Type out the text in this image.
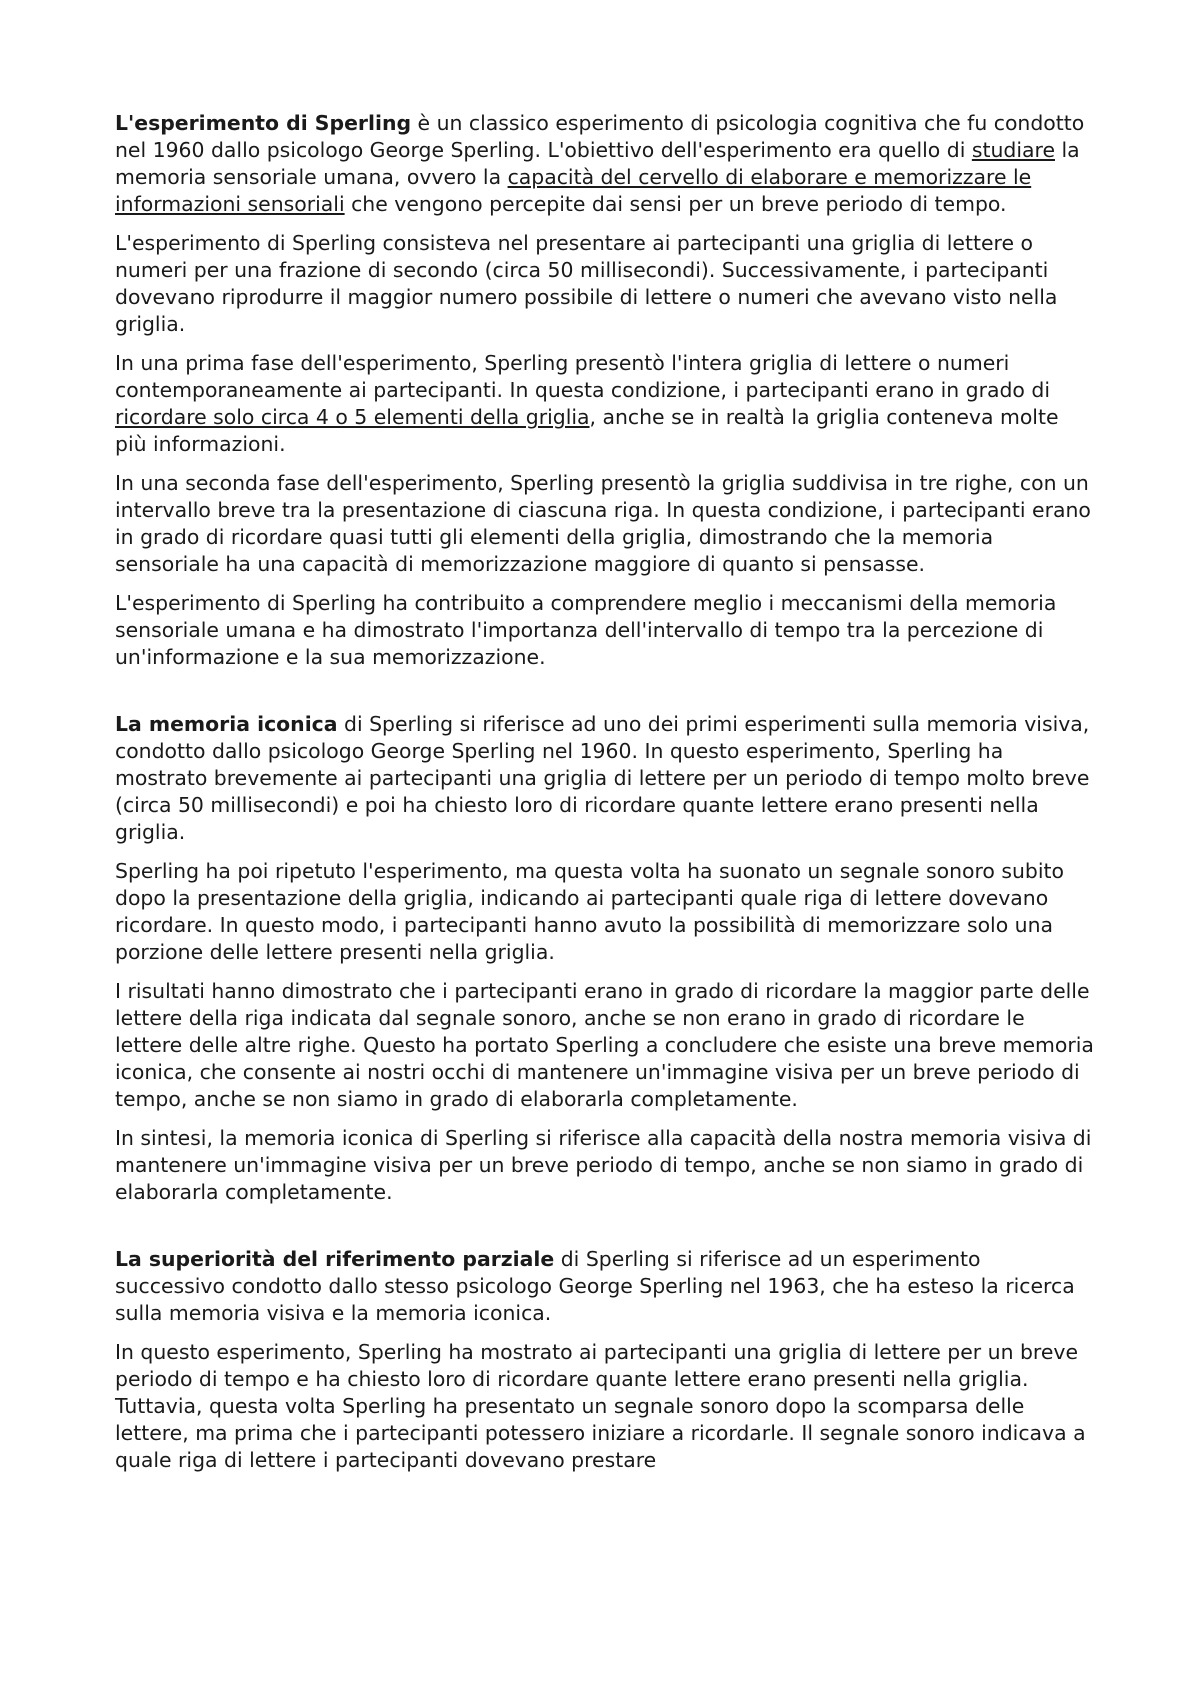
L'esperimento di Sperling è un classico esperimento di psicologia cognitiva che fu condotto nel 1960 dallo psicologo George Sperling. L'obiettivo dell'esperimento era quello di studiare la memoria sensoriale umana, ovvero la capacità del cervello di elaborare e memorizzare le informazioni sensoriali che vengono percepite dai sensi per un breve periodo di tempo.

L'esperimento di Sperling consisteva nel presentare ai partecipanti una griglia di lettere o numeri per una frazione di secondo (circa 50 millisecondi). Successivamente, i partecipanti dovevano riprodurre il maggior numero possibile di lettere o numeri che avevano visto nella griglia.

In una prima fase dell'esperimento, Sperling presentò l'intera griglia di lettere o numeri contemporaneamente ai partecipanti. In questa condizione, i partecipanti erano in grado di ricordare solo circa 4 o 5 elementi della griglia, anche se in realtà la griglia conteneva molte più informazioni.

In una seconda fase dell'esperimento, Sperling presentò la griglia suddivisa in tre righe, con un intervallo breve tra la presentazione di ciascuna riga. In questa condizione, i partecipanti erano in grado di ricordare quasi tutti gli elementi della griglia, dimostrando che la memoria sensoriale ha una capacità di memorizzazione maggiore di quanto si pensasse.

L'esperimento di Sperling ha contribuito a comprendere meglio i meccanismi della memoria sensoriale umana e ha dimostrato l'importanza dell'intervallo di tempo tra la percezione di un'informazione e la sua memorizzazione.

La memoria iconica di Sperling si riferisce ad uno dei primi esperimenti sulla memoria visiva, condotto dallo psicologo George Sperling nel 1960. In questo esperimento, Sperling ha mostrato brevemente ai partecipanti una griglia di lettere per un periodo di tempo molto breve (circa 50 millisecondi) e poi ha chiesto loro di ricordare quante lettere erano presenti nella griglia.

Sperling ha poi ripetuto l'esperimento, ma questa volta ha suonato un segnale sonoro subito dopo la presentazione della griglia, indicando ai partecipanti quale riga di lettere dovevano ricordare. In questo modo, i partecipanti hanno avuto la possibilità di memorizzare solo una porzione delle lettere presenti nella griglia.

I risultati hanno dimostrato che i partecipanti erano in grado di ricordare la maggior parte delle lettere della riga indicata dal segnale sonoro, anche se non erano in grado di ricordare le lettere delle altre righe. Questo ha portato Sperling a concludere che esiste una breve memoria iconica, che consente ai nostri occhi di mantenere un'immagine visiva per un breve periodo di tempo, anche se non siamo in grado di elaborarla completamente.

In sintesi, la memoria iconica di Sperling si riferisce alla capacità della nostra memoria visiva di mantenere un'immagine visiva per un breve periodo di tempo, anche se non siamo in grado di elaborarla completamente.

La superiorità del riferimento parziale di Sperling si riferisce ad un esperimento successivo condotto dallo stesso psicologo George Sperling nel 1963, che ha esteso la ricerca sulla memoria visiva e la memoria iconica.

In questo esperimento, Sperling ha mostrato ai partecipanti una griglia di lettere per un breve periodo di tempo e ha chiesto loro di ricordare quante lettere erano presenti nella griglia. Tuttavia, questa volta Sperling ha presentato un segnale sonoro dopo la scomparsa delle lettere, ma prima che i partecipanti potessero iniziare a ricordarle. Il segnale sonoro indicava a quale riga di lettere i partecipanti dovevano prestare
